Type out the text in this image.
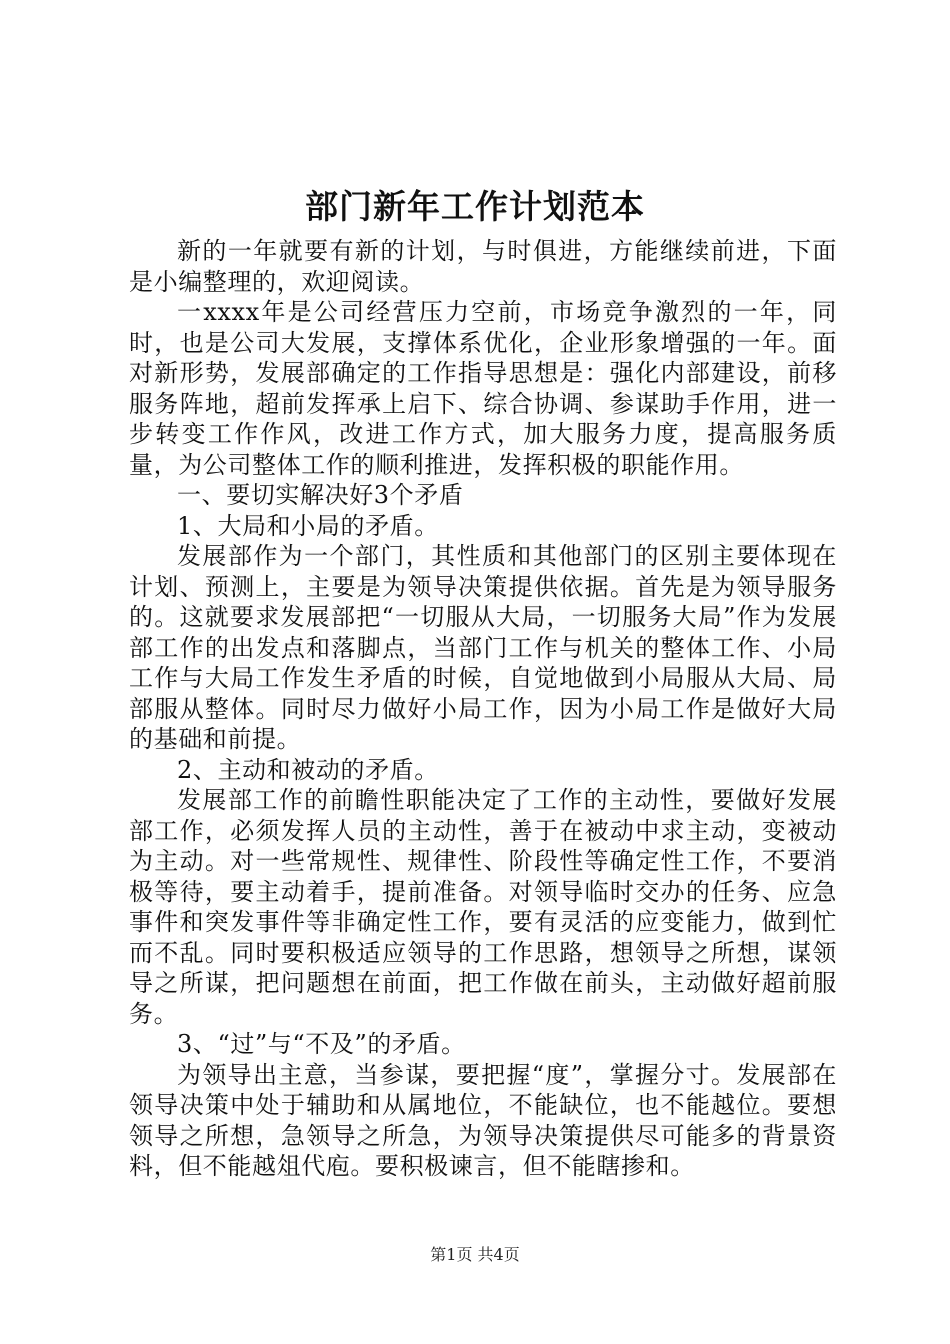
部门新年工作计划范本

新的一年就要有新的计划，与时俱进，方能继续前进，下面是小编整理的，欢迎阅读。

一xxxx年是公司经营压力空前，市场竞争激烈的一年，同时，也是公司大发展，支撑体系优化，企业形象增强的一年。面对新形势，发展部确定的工作指导思想是：强化内部建设，前移服务阵地，超前发挥承上启下、综合协调、参谋助手作用，进一步转变工作作风，改进工作方式，加大服务力度，提高服务质量，为公司整体工作的顺利推进，发挥积极的职能作用。

一、要切实解决好3个矛盾

1、大局和小局的矛盾。

发展部作为一个部门，其性质和其他部门的区别主要体现在计划、预测上，主要是为领导决策提供依据。首先是为领导服务的。这就要求发展部把“一切服从大局，一切服务大局”作为发展部工作的出发点和落脚点，当部门工作与机关的整体工作、小局工作与大局工作发生矛盾的时候，自觉地做到小局服从大局、局部服从整体。同时尽力做好小局工作，因为小局工作是做好大局的基础和前提。

2、主动和被动的矛盾。

发展部工作的前瞻性职能决定了工作的主动性，要做好发展部工作，必须发挥人员的主动性，善于在被动中求主动，变被动为主动。对一些常规性、规律性、阶段性等确定性工作，不要消极等待，要主动着手，提前准备。对领导临时交办的任务、应急事件和突发事件等非确定性工作，要有灵活的应变能力，做到忙而不乱。同时要积极适应领导的工作思路，想领导之所想，谋领导之所谋，把问题想在前面，把工作做在前头，主动做好超前服务。

3、“过”与“不及”的矛盾。

为领导出主意，当参谋，要把握“度”，掌握分寸。发展部在领导决策中处于辅助和从属地位，不能缺位，也不能越位。要想领导之所想，急领导之所急，为领导决策提供尽可能多的背景资料，但不能越俎代庖。要积极谏言，但不能瞎掺和。

第1页 共4页
